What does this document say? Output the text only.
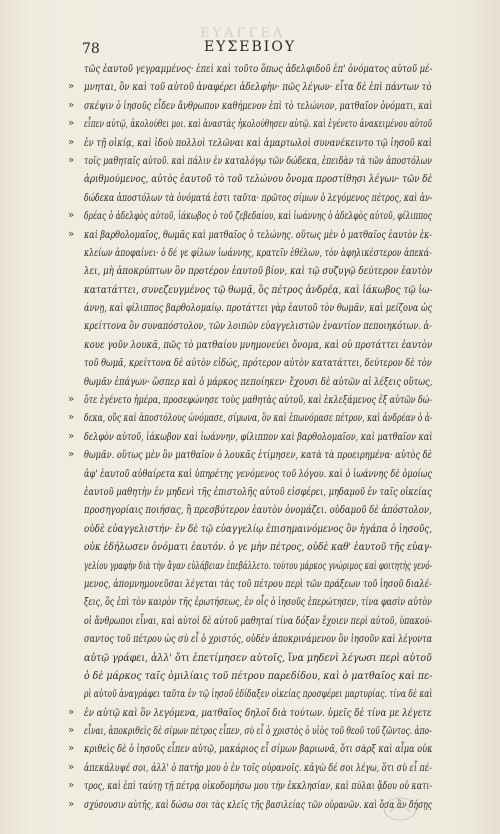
ΕΥΑΓΓΕΛ
78	ΕΥΣΕΒΙΟΥ
τῶς ἑαυτοῦ γεγραμμένος· ἐπεὶ καὶ τοῦτο ὅπως ἀδελφιδοῦ ἐπ' ὀνόματος αὐτοῦ μέ-
» μνηται, ὃν καὶ τοῦ αὐτοῦ ἀναφέρει ἀδελφὴν· πῶς λέγων· εἶτα δὲ ἐπὶ πάντων τὸ
» σκέψιν ὁ ἰησοῦς εἶδεν ἄνθρωπον καθήμενον ἐπὶ τὸ τελώνιον, ματθαῖον ὀνόματι, καὶ
» εἶπεν αὐτῷ, ἀκολούθει μοι. καὶ ἀναστὰς ἠκολούθησεν αὐτῷ. καὶ ἐγένετο ἀνακειμένου αὐτοῦ
» ἐν τῇ οἰκίᾳ, καὶ ἰδοὺ πολλοὶ τελῶναι καὶ ἁμαρτωλοὶ συνανέκειντο τῷ ἰησοῦ καὶ
» τοῖς μαθηταῖς αὐτοῦ. καὶ πάλιν ἐν καταλόγῳ τῶν δώδεκα, ἐπειδὰν τὰ τῶν ἀποστόλων
ἀριθμούμενος, αὐτὸς ἑαυτοῦ τὸ τοῦ τελώνου ὄνομα προστίθησι λέγων· τῶν δὲ
δώδεκα ἀποστόλων τὰ ὀνόματά ἐστι ταῦτα· πρῶτος σίμων ὁ λεγόμενος πέτρος, καὶ ἀν-
» δρέας ὁ ἀδελφὸς αὐτοῦ, ἰάκωβος ὁ τοῦ ζεβεδαίου, καὶ ἰωάννης ὁ ἀδελφὸς αὐτοῦ, φίλιππος
» καὶ βαρθολομαῖος, θωμᾶς καὶ ματθαῖος ὁ τελώνης. οὕτως μὲν ὁ ματθαῖος ἑαυτὸν ἐκ-
κλείων ἀποφαίνει· ὁ δέ γε φίλων ἰωάννης, κρατεῖν ἐθέλων, τὸν ἀφηλικέστερον ἀπεκά-
λει, μὴ ἀποκρύπτων ὃν προτέρον ἑαυτοῦ βίον, καὶ τῷ συζυγῷ δεύτερον ἑαυτὸν
κατατάττει, συνεζευγμένος τῷ θωμᾷ, ὃς πέτρος ἀνδρέᾳ, καὶ ἰάκωβος τῷ ἰω-
άννῃ, καὶ φίλιππος βαρθολομαίῳ. προτάττει γὰρ ἑαυτοῦ τὸν θωμᾶν, καὶ μείζονα ὡς
κρείττονα ὃν συναπόστολον, τῶν λοιπῶν εὐαγγελιστῶν ἐναντίον πεποιηκότων. ἀ-
κουε γοῦν λουκᾶ, πῶς τὸ ματθαίου μνημονεύει ὄνομα, καὶ οὐ προτάττει ἑαυτὸν
τοῦ θωμᾶ, κρείττονα δὲ αὐτὸν εἰδώς, πρότερον αὐτὸν κατατάττει, δεύτερον δὲ τὸν
θωμᾶν ἐπάγων· ὥσπερ καὶ ὁ μάρκος πεποίηκεν· ἔχουσι δὲ αὐτῶν αἱ λέξεις οὕτως,
» ὅτε ἐγένετο ἡμέρα, προσεφώνησε τοὺς μαθητὰς αὐτοῦ, καὶ ἐκλεξάμενος ἐξ αὐτῶν δώ-
» δεκα, οὓς καὶ ἀποστόλους ὠνόμασε, σίμωνα, ὃν καὶ ἐπωνόμασε πέτρον, καὶ ἀνδρέαν ὁ ἀ-
» δελφὸν αὐτοῦ, ἰάκωβον καὶ ἰωάννην, φίλιππον καὶ βαρθολομαῖον, καὶ ματθαῖον καὶ
» θωμᾶν. οὕτως μὲν ὃν ματθαῖον ὁ λουκᾶς ἐτίμησεν, κατὰ τὰ προειρημένα· αὐτὸς δὲ
ἀφ' ἑαυτοῦ αὐθαίρετα καὶ ὑπηρέτης γενόμενος τοῦ λόγου. καὶ ὁ ἰωάννης δὲ ὁμοίως
ἑαυτοῦ μαθητὴν ἐν μηδενὶ τῆς ἐπιστολῆς αὐτοῦ εἰσφέρει, μηδαμοῦ ἐν ταῖς οἰκείας
προσηγορίαις ποιήσας, ἢ πρεσβύτερον ἑαυτὸν ὀνομάζει. οὐδαμοῦ δὲ ἀπόστολον,
οὐδὲ εὐαγγελιστήν· ἐν δὲ τῷ εὐαγγελίῳ ἐπισημαινόμενος ὃν ἠγάπα ὁ ἰησοῦς,
οὐκ ἐδήλωσεν ὀνόματι ἑαυτόν. ὁ γε μὴν πέτρος, οὐδὲ καθ' ἑαυτοῦ τῆς εὐαγ-
γελίου γραφὴν διὰ τὴν ἄγαν εὐλάβειαν ἐπεβάλλετο. τούτου μάρκος γνώριμος καὶ φοιτητὴς γενό-
μενος, ἀπομνημονεῦσαι λέγεται τὰς τοῦ πέτρου περὶ τῶν πράξεων τοῦ ἰησοῦ διαλέ-
ξεις, ὃς ἐπὶ τὸν καιρὸν τῆς ἐρωτήσεως, ἐν οἷς ὁ ἰησοῦς ἐπερώτησεν, τίνα φασὶν αὐτὸν
οἱ ἄνθρωποι εἶναι, καὶ αὐτοὶ δὲ αὐτοῦ μαθηταί τίνα δόξαν ἔχοιεν περὶ αὐτοῦ, ὑπακού-
σαντος τοῦ πέτρου ὡς σὺ εἶ ὁ χριστός, οὐδὲν ἀποκρινάμενον ὃν ἰησοῦν καὶ λέγοντα
αὐτῷ γράφει, ἀλλ' ὅτι ἐπετίμησεν αὐτοῖς, ἵνα μηδενὶ λέγωσι περὶ αὐτοῦ
ὁ δὲ μάρκος ταῖς ὁμιλίαις τοῦ πέτρου παρεδίδου, καὶ ὁ ματθαῖος καὶ πε-
ρὶ αὐτοῦ ἀναγράφει ταῦτα ἐν τῷ ἰησοῦ ἐδίδαξεν οἰκείας προσφέρει μαρτυρίας. τίνα δὲ καὶ
» ἐν αὐτῷ καὶ ὃν λεγόμενα, ματθαῖος δηλοῖ διὰ τούτων. ὑμεῖς δὲ τίνα με λέγετε
» εἶναι, ἀποκριθεὶς δὲ σίμων πέτρος εἶπεν, σὺ εἶ ὁ χριστὸς ὁ υἱὸς τοῦ θεοῦ τοῦ ζῶντος. ἀπο-
» κριθεὶς δὲ ὁ ἰησοῦς εἶπεν αὐτῷ, μακάριος εἶ σίμων βαριωνᾶ, ὅτι σὰρξ καὶ αἷμα οὐκ
» ἀπεκάλυψέ σοι, ἀλλ' ὁ πατήρ μου ὁ ἐν τοῖς οὐρανοῖς. κἀγὼ δέ σοι λέγω, ὅτι σὺ εἶ πέ-
» τρος, καὶ ἐπὶ ταύτῃ τῇ πέτρᾳ οἰκοδομήσω μου τὴν ἐκκλησίαν, καὶ πύλαι ᾅδου οὐ κατι-
» σχύσουσιν αὐτῆς, καὶ δώσω σοι τὰς κλεῖς τῆς βασιλείας τῶν οὐρανῶν. καὶ ὅσα ἂν δήσῃς
